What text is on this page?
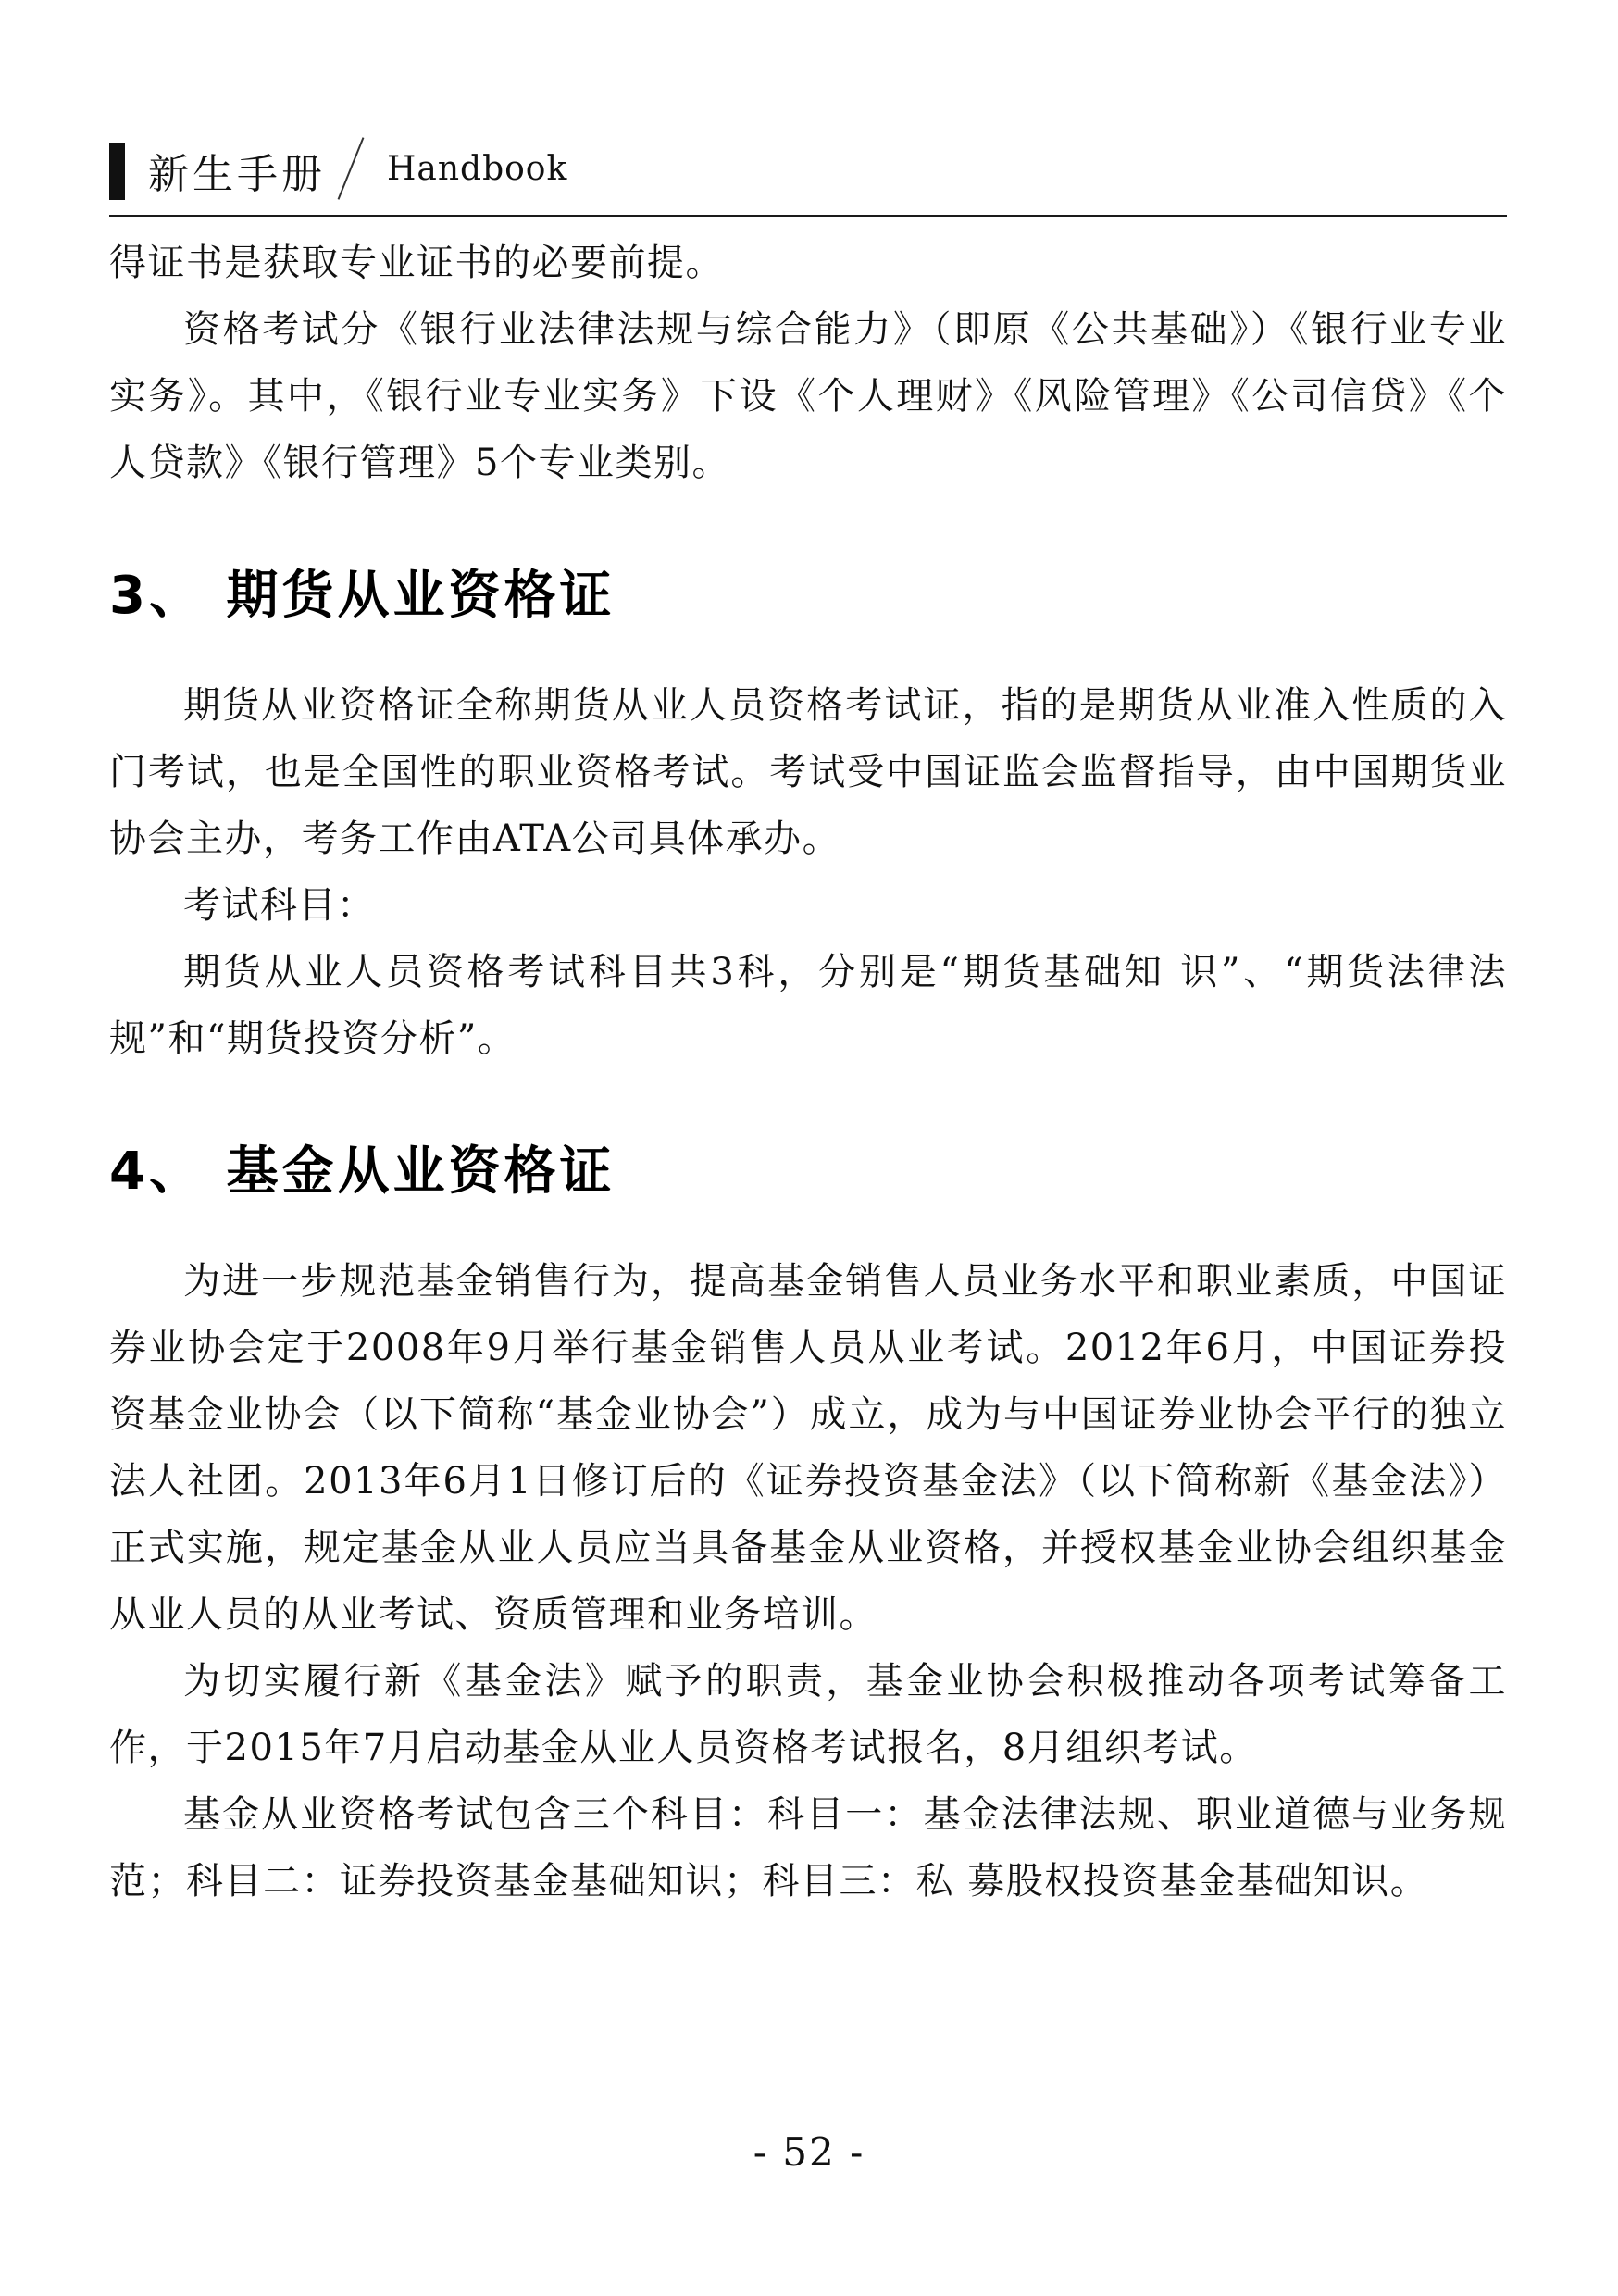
新生手册 Handbook

得证书是获取专业证书的必要前提。

资格考试分《银行业法律法规与综合能力》（即原《公共基础》）《银行业专业实务》。其中，《银行业专业实务》下设《个人理财》《风险管理》《公司信贷》《个人贷款》《银行管理》5个专业类别。

3、 期货从业资格证

期货从业资格证全称期货从业人员资格考试证，指的是期货从业准入性质的入门考试，也是全国性的职业资格考试。考试受中国证监会监督指导，由中国期货业协会主办，考务工作由ATA公司具体承办。

考试科目：

期货从业人员资格考试科目共3科，分别是“期货基础知 识”、“期货法律法规”和“期货投资分析”。

4、 基金从业资格证

为进一步规范基金销售行为，提高基金销售人员业务水平和职业素质，中国证券业协会定于2008年9月举行基金销售人员从业考试。2012年6月，中国证券投资基金业协会（以下简称“基金业协会”）成立，成为与中国证券业协会平行的独立法人社团。2013年6月1日修订后的《证券投资基金法》（以下简称新《基金法》）正式实施，规定基金从业人员应当具备基金从业资格，并授权基金业协会组织基金从业人员的从业考试、资质管理和业务培训。

为切实履行新《基金法》赋予的职责，基金业协会积极推动各项考试筹备工作，于2015年7月启动基金从业人员资格考试报名，8月组织考试。

基金从业资格考试包含三个科目：科目一：基金法律法规、职业道德与业务规范；科目二：证券投资基金基础知识；科目三：私 募股权投资基金基础知识。

- 52 -
